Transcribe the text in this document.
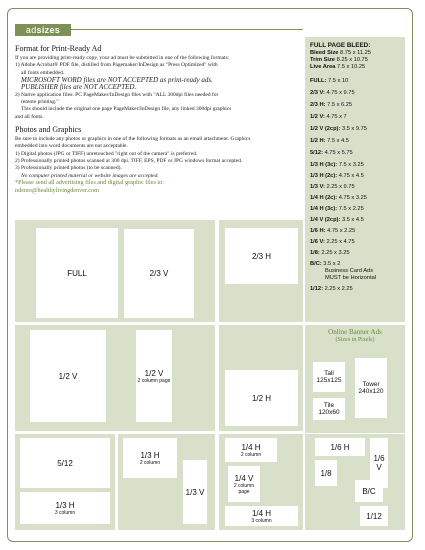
adsizes
Format for Print-Ready Ad

If you are providing print-ready copy, your ad must be submitted in one of the following formats:

1) Adobe Acrobat® PDF file, distilled from Pagemaker/InDesign as "Press Optimized" with

all fonts embedded.

MICROSOFT WORD files are NOT ACCEPTED as print-ready ads.
PUBLISHER files are NOT ACCEPTED.

2) Native application files: PC PageMaker/InDesign files with "ALL 300dpi files needed for

remote printing."

This should include the original one page PageMaker/InDesign file, any linked 300dpi graphics

and all fonts.

Photos and Graphics

Be sure to include any photos or graphics in one of the following formats as an email attachment. Graphics

embedded into word documents are not acceptable.

1) Digital photos (JPG or TIFF) unretouched "right out of the camera" is preferred.

2) Professionally printed photos scanned at 300 dpi. TIFF, EPS, PDF or JPG windows format accepted.

3) Professionally printed photos (to be scanned).

No computer printed material or website images are accepted.

*Please send all advertising files and digital graphic files to:

ndemo@healthylivingdenver.com

FULL PAGE BLEED:
Bleed Size 8.75 x 11.25
Trim Size 8.25 x 10.75
Live Area 7.5 x 10.25
FULL: 7.5 x 10
2/3 V: 4.75 x 9.75
2/3 H: 7.5 x 6.25
1/2 V: 4.75 x 7
1/2 V (2cp): 3.5 x 9.75
1/2 H: 7.5 x 4.5
5/12: 4.75 x 5.75
1/3 H (3c): 7.5 x 3.25
1/3 H (2c): 4.75 x 4.5
1/3 V: 2.25 x 9.75
1/4 H (2c): 4.75 x 3.25
1/4 H (3c): 7.5 x 2.25
1/4 V (2cp): 3.5 x 4.5
1/6 H: 4.75 x 2.25
1/6 V: 2.25 x 4.75
1/8: 2.25 x 3.25
B/C: 3.5 x 2
Business Card Ads
MUST be Horizontal
1/12: 2.25 x 2.25
FULL	2/3 V
2/3 H
1/2 V	1/2 V
2 column page
1/2 H
Online Banner Ads
(Sizes in Pixels)
Tall
125x125	Tower
240x120
Tile
120x60
5/12
1/3 H
3 column
1/3 H
2 column
1/3 V
1/4 H
2 column
1/4 V
2 column page
1/4 H
3 column
1/6 H
1/6 V
1/8
B/C
1/12
